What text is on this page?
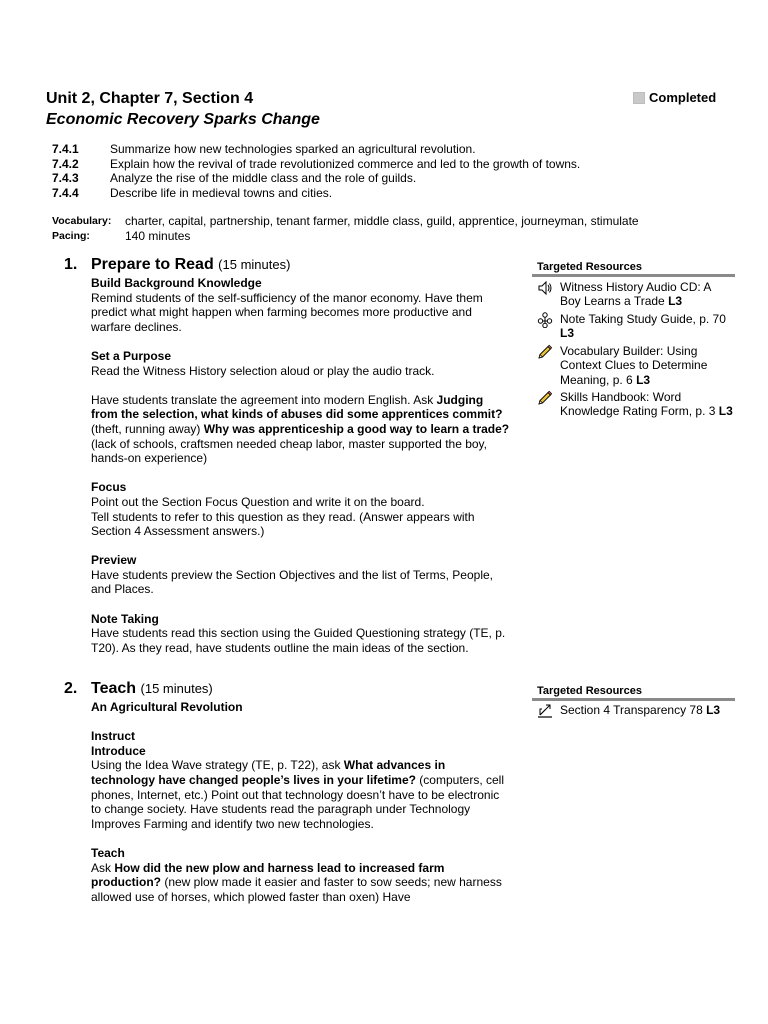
Unit 2, Chapter 7, Section 4
Economic Recovery Sparks Change
Completed
7.4.1	Summarize how new technologies sparked an agricultural revolution.
7.4.2	Explain how the revival of trade revolutionized commerce and led to the growth of towns.
7.4.3	Analyze the rise of the middle class and the role of guilds.
7.4.4	Describe life in medieval towns and cities.
Vocabulary:	charter, capital, partnership, tenant farmer, middle class, guild, apprentice, journeyman, stimulate
Pacing:	140 minutes
1. Prepare to Read (15 minutes)

Build Background Knowledge

Remind students of the self-sufficiency of the manor economy. Have them predict what might happen when farming becomes more productive and warfare declines.

Set a Purpose

Read the Witness History selection aloud or play the audio track.

Have students translate the agreement into modern English. Ask Judging from the selection, what kinds of abuses did some apprentices commit? (theft, running away) Why was apprenticeship a good way to learn a trade? (lack of schools, craftsmen needed cheap labor, master supported the boy, hands-on experience)

Focus

Point out the Section Focus Question and write it on the board.

Tell students to refer to this question as they read. (Answer appears with Section 4 Assessment answers.)

Preview

Have students preview the Section Objectives and the list of Terms, People, and Places.

Note Taking

Have students read this section using the Guided Questioning strategy (TE, p. T20). As they read, have students outline the main ideas of the section.

2. Teach (15 minutes)

An Agricultural Revolution

Instruct

Introduce

Using the Idea Wave strategy (TE, p. T22), ask What advances in technology have changed people’s lives in your lifetime? (computers, cell phones, Internet, etc.) Point out that technology doesn’t have to be electronic to change society. Have students read the paragraph under Technology Improves Farming and identify two new technologies.

Teach

Ask How did the new plow and harness lead to increased farm production? (new plow made it easier and faster to sow seeds; new harness allowed use of horses, which plowed faster than oxen) Have

Targeted Resources
Witness History Audio CD: A Boy Learns a Trade L3
Note Taking Study Guide, p. 70 L3
Vocabulary Builder: Using Context Clues to Determine Meaning, p. 6 L3
Skills Handbook: Word Knowledge Rating Form, p. 3 L3
Targeted Resources
Section 4 Transparency 78 L3
